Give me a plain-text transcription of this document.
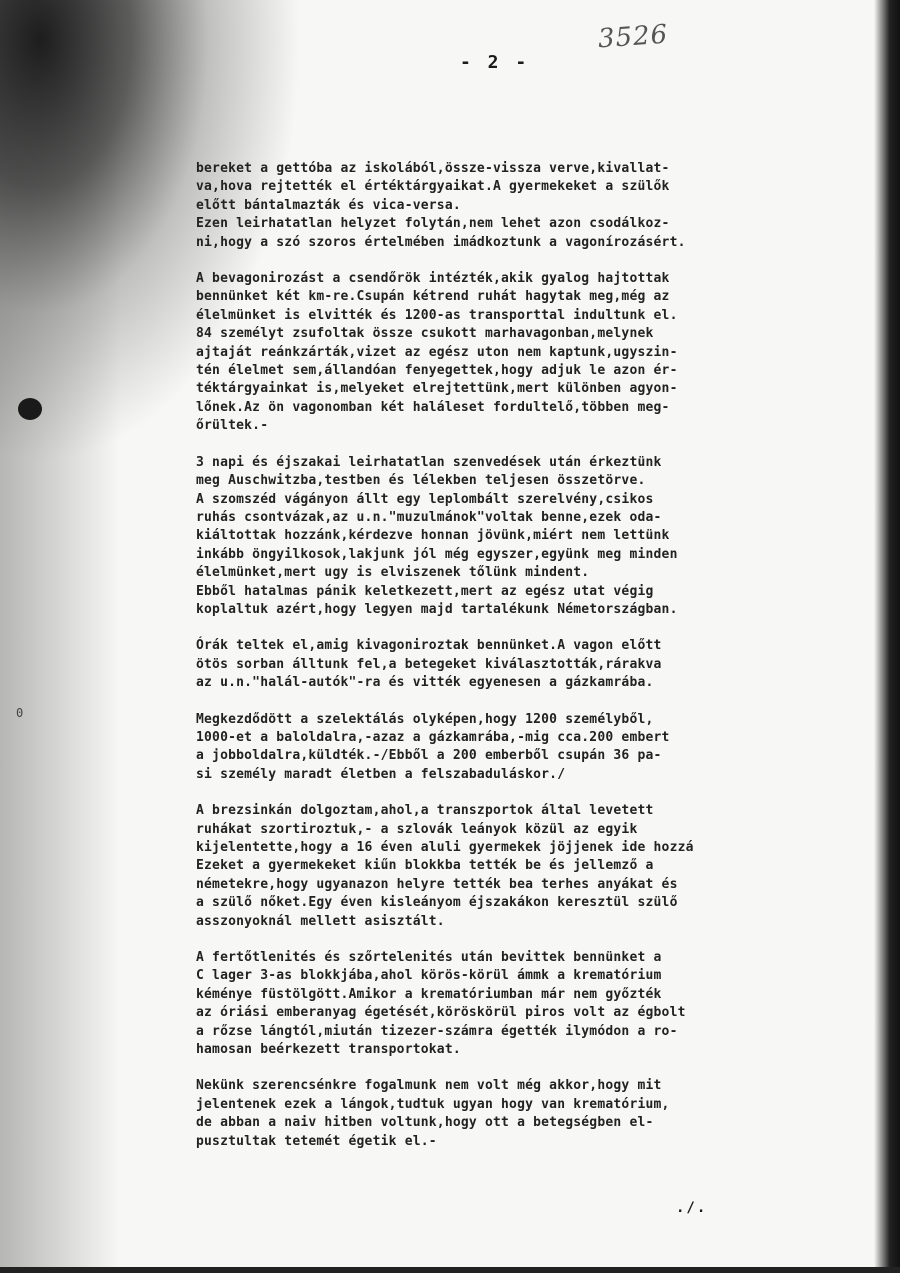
3526
- 2 -
0
bereket a gettóba az iskolából,össze-vissza verve,kivallat-
va,hova rejtették el értéktárgyaikat.A gyermekeket a szülők
előtt bántalmazták és vica-versa.
Ezen leirhatatlan helyzet folytán,nem lehet azon csodálkoz-
ni,hogy a szó szoros értelmében imádkoztunk a vagonírozásért.
A bevagonirozást a csendőrök intézték,akik gyalog hajtottak
bennünket két km-re.Csupán kétrend ruhát hagytak meg,még az
élelmünket is elvitték és 1200-as transporttal indultunk el.
84 személyt zsufoltak össze csukott marhavagonban,melynek
ajtaját reánkzárták,vizet az egész uton nem kaptunk,ugyszin-
tén élelmet sem,állandóan fenyegettek,hogy adjuk le azon ér-
téktárgyainkat is,melyeket elrejtettünk,mert különben agyon-
lőnek.Az ön vagonomban két haláleset fordultelő,többen meg-
őrültek.-
3 napi és éjszakai leirhatatlan szenvedések után érkeztünk
meg Auschwitzba,testben és lélekben teljesen összetörve.
A szomszéd vágányon állt egy leplombált szerelvény,csikos
ruhás csontvázak,az u.n."muzulmánok"voltak benne,ezek oda-
kiáltottak hozzánk,kérdezve honnan jövünk,miért nem lettünk
inkább öngyilkosok,lakjunk jól még egyszer,együnk meg minden
élelmünket,mert ugy is elviszenek tőlünk mindent.
Ebből hatalmas pánik keletkezett,mert az egész utat végig
koplaltuk azért,hogy legyen majd tartalékunk Németországban.
Órák teltek el,amig kivagoniroztak bennünket.A vagon előtt
ötös sorban álltunk fel,a betegeket kiválasztották,rárakva
az u.n."halál-autók"-ra és vitték egyenesen a gázkamrába.
Megkezdődött a szelektálás olyképen,hogy 1200 személyből,
1000-et a baloldalra,-azaz a gázkamrába,-mig cca.200 embert
a jobboldalra,küldték.-/Ebből a 200 emberből csupán 36 pa-
si személy maradt életben a felszabaduláskor./
A brezsinkán dolgoztam,ahol,a transzportok által levetett
ruhákat szortiroztuk,- a szlovák leányok közül az egyik
kijelentette,hogy a 16 éven aluli gyermekek jöjjenek ide hozzá
Ezeket a gyermekeket kiűn blokkba tették be és jellemző a
németekre,hogy ugyanazon helyre tették bea terhes anyákat és
a szülő nőket.Egy éven kisleányom éjszakákon keresztül szülő
asszonyoknál mellett asisztált.
A fertőtlenités és szőrtelenités után bevittek bennünket a
C lager 3-as blokkjába,ahol körös-körül ámmk a krematórium
kéménye füstölgött.Amikor a krematóriumban már nem győzték
az óriási emberanyag égetését,köröskörül piros volt az égbolt
a rőzse lángtól,miután tizezer-számra égették ilymódon a ro-
hamosan beérkezett transportokat.
Nekünk szerencsénkre fogalmunk nem volt még akkor,hogy mit
jelentenek ezek a lángok,tudtuk ugyan hogy van krematórium,
de abban a naiv hitben voltunk,hogy ott a betegségben el-
pusztultak tetemét égetik el.-
./.
